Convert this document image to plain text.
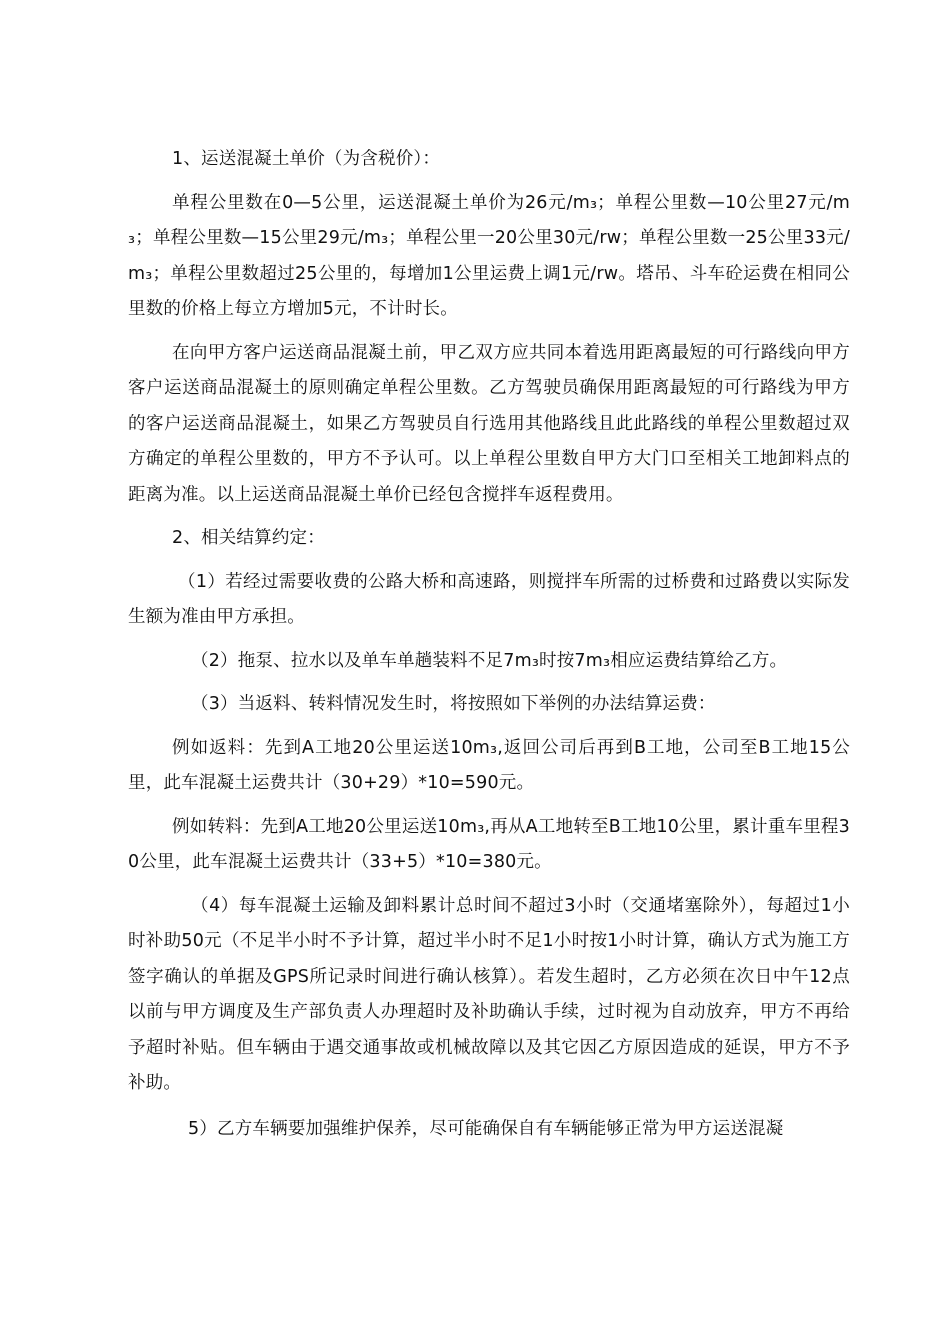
1、运送混凝土单价（为含税价）：

单程公里数在0—5公里，运送混凝土单价为26元/m₃；单程公里数—10公里27元/m₃；单程公里数—15公里29元/m₃；单程公里一20公里30元/rw；单程公里数一25公里33元/m₃；单程公里数超过25公里的，每增加1公里运费上调1元/rw。塔吊、斗车砼运费在相同公里数的价格上每立方增加5元，不计时长。

在向甲方客户运送商品混凝土前，甲乙双方应共同本着选用距离最短的可行路线向甲方客户运送商品混凝土的原则确定单程公里数。乙方驾驶员确保用距离最短的可行路线为甲方的客户运送商品混凝土，如果乙方驾驶员自行选用其他路线且此此路线的单程公里数超过双方确定的单程公里数的，甲方不予认可。以上单程公里数自甲方大门口至相关工地卸料点的距离为准。以上运送商品混凝土单价已经包含搅拌车返程费用。

2、相关结算约定：

（1）若经过需要收费的公路大桥和高速路，则搅拌车所需的过桥费和过路费以实际发生额为准由甲方承担。

（2）拖泵、拉水以及单车单趟装料不足7m₃时按7m₃相应运费结算给乙方。

（3）当返料、转料情况发生时，将按照如下举例的办法结算运费：

例如返料：先到A工地20公里运送10m₃,返回公司后再到B工地，公司至B工地15公里，此车混凝土运费共计（30+29）*10=590元。

例如转料：先到A工地20公里运送10m₃,再从A工地转至B工地10公里，累计重车里程30公里，此车混凝土运费共计（33+5）*10=380元。

（4）每车混凝土运输及卸料累计总时间不超过3小时（交通堵塞除外），每超过1小时补助50元（不足半小时不予计算，超过半小时不足1小时按1小时计算，确认方式为施工方签字确认的单据及GPS所记录时间进行确认核算）。若发生超时，乙方必须在次日中午12点以前与甲方调度及生产部负责人办理超时及补助确认手续，过时视为自动放弃，甲方不再给予超时补贴。但车辆由于遇交通事故或机械故障以及其它因乙方原因造成的延误，甲方不予补助。

5）乙方车辆要加强维护保养，尽可能确保自有车辆能够正常为甲方运送混凝
